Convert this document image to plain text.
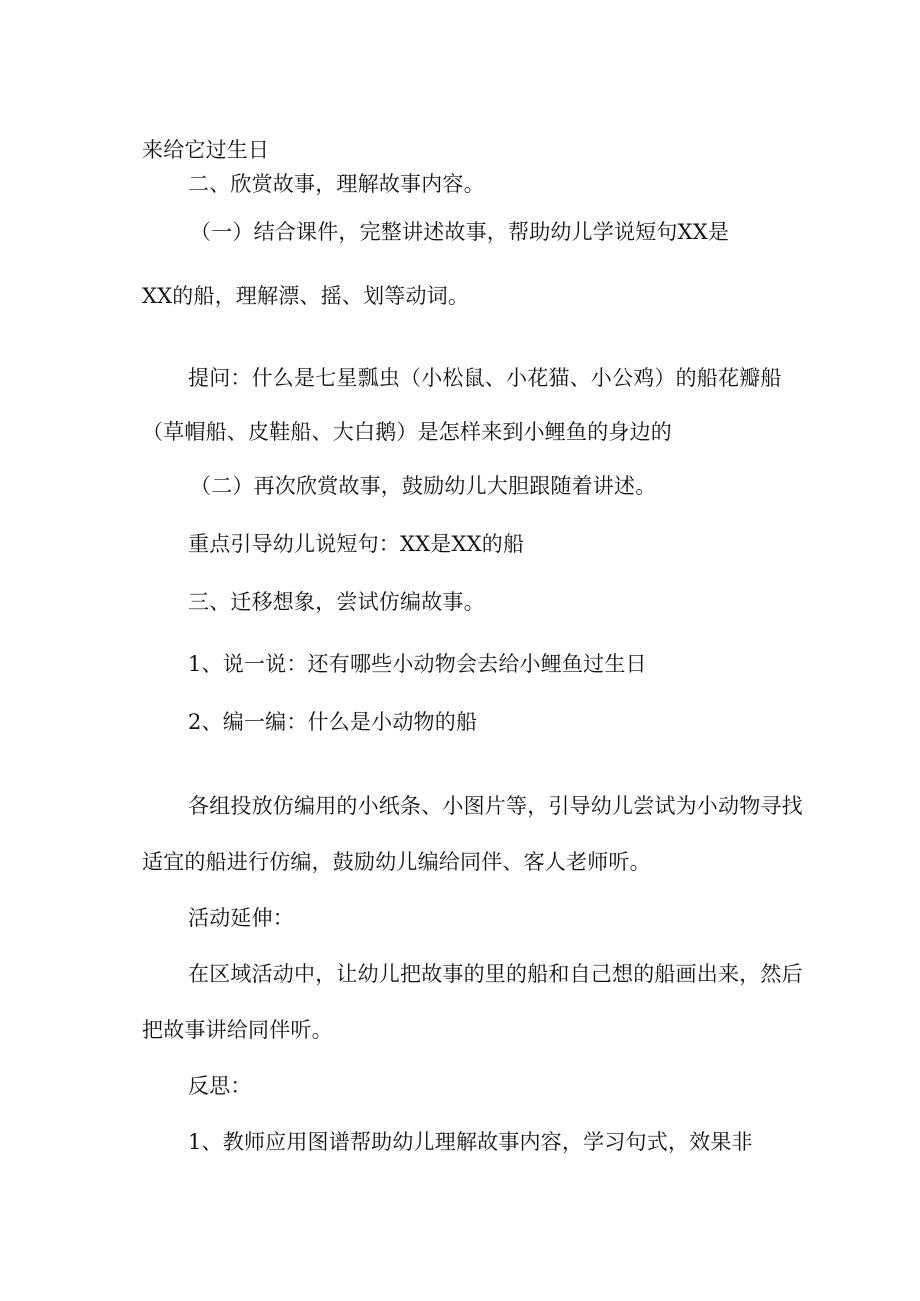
来给它过生日
二、欣赏故事，理解故事内容。
（一）结合课件，完整讲述故事，帮助幼儿学说短句XX是
XX的船，理解漂、摇、划等动词。
提问：什么是七星瓢虫（小松鼠、小花猫、小公鸡）的船花瓣船
（草帽船、皮鞋船、大白鹅）是怎样来到小鲤鱼的身边的
（二）再次欣赏故事，鼓励幼儿大胆跟随着讲述。
重点引导幼儿说短句：XX是XX的船
三、迁移想象，尝试仿编故事。
1、说一说：还有哪些小动物会去给小鲤鱼过生日
2、编一编：什么是小动物的船
各组投放仿编用的小纸条、小图片等，引导幼儿尝试为小动物寻找
适宜的船进行仿编，鼓励幼儿编给同伴、客人老师听。
活动延伸：
在区域活动中，让幼儿把故事的里的船和自己想的船画出来，然后
把故事讲给同伴听。
反思：
1、教师应用图谱帮助幼儿理解故事内容，学习句式，效果非
